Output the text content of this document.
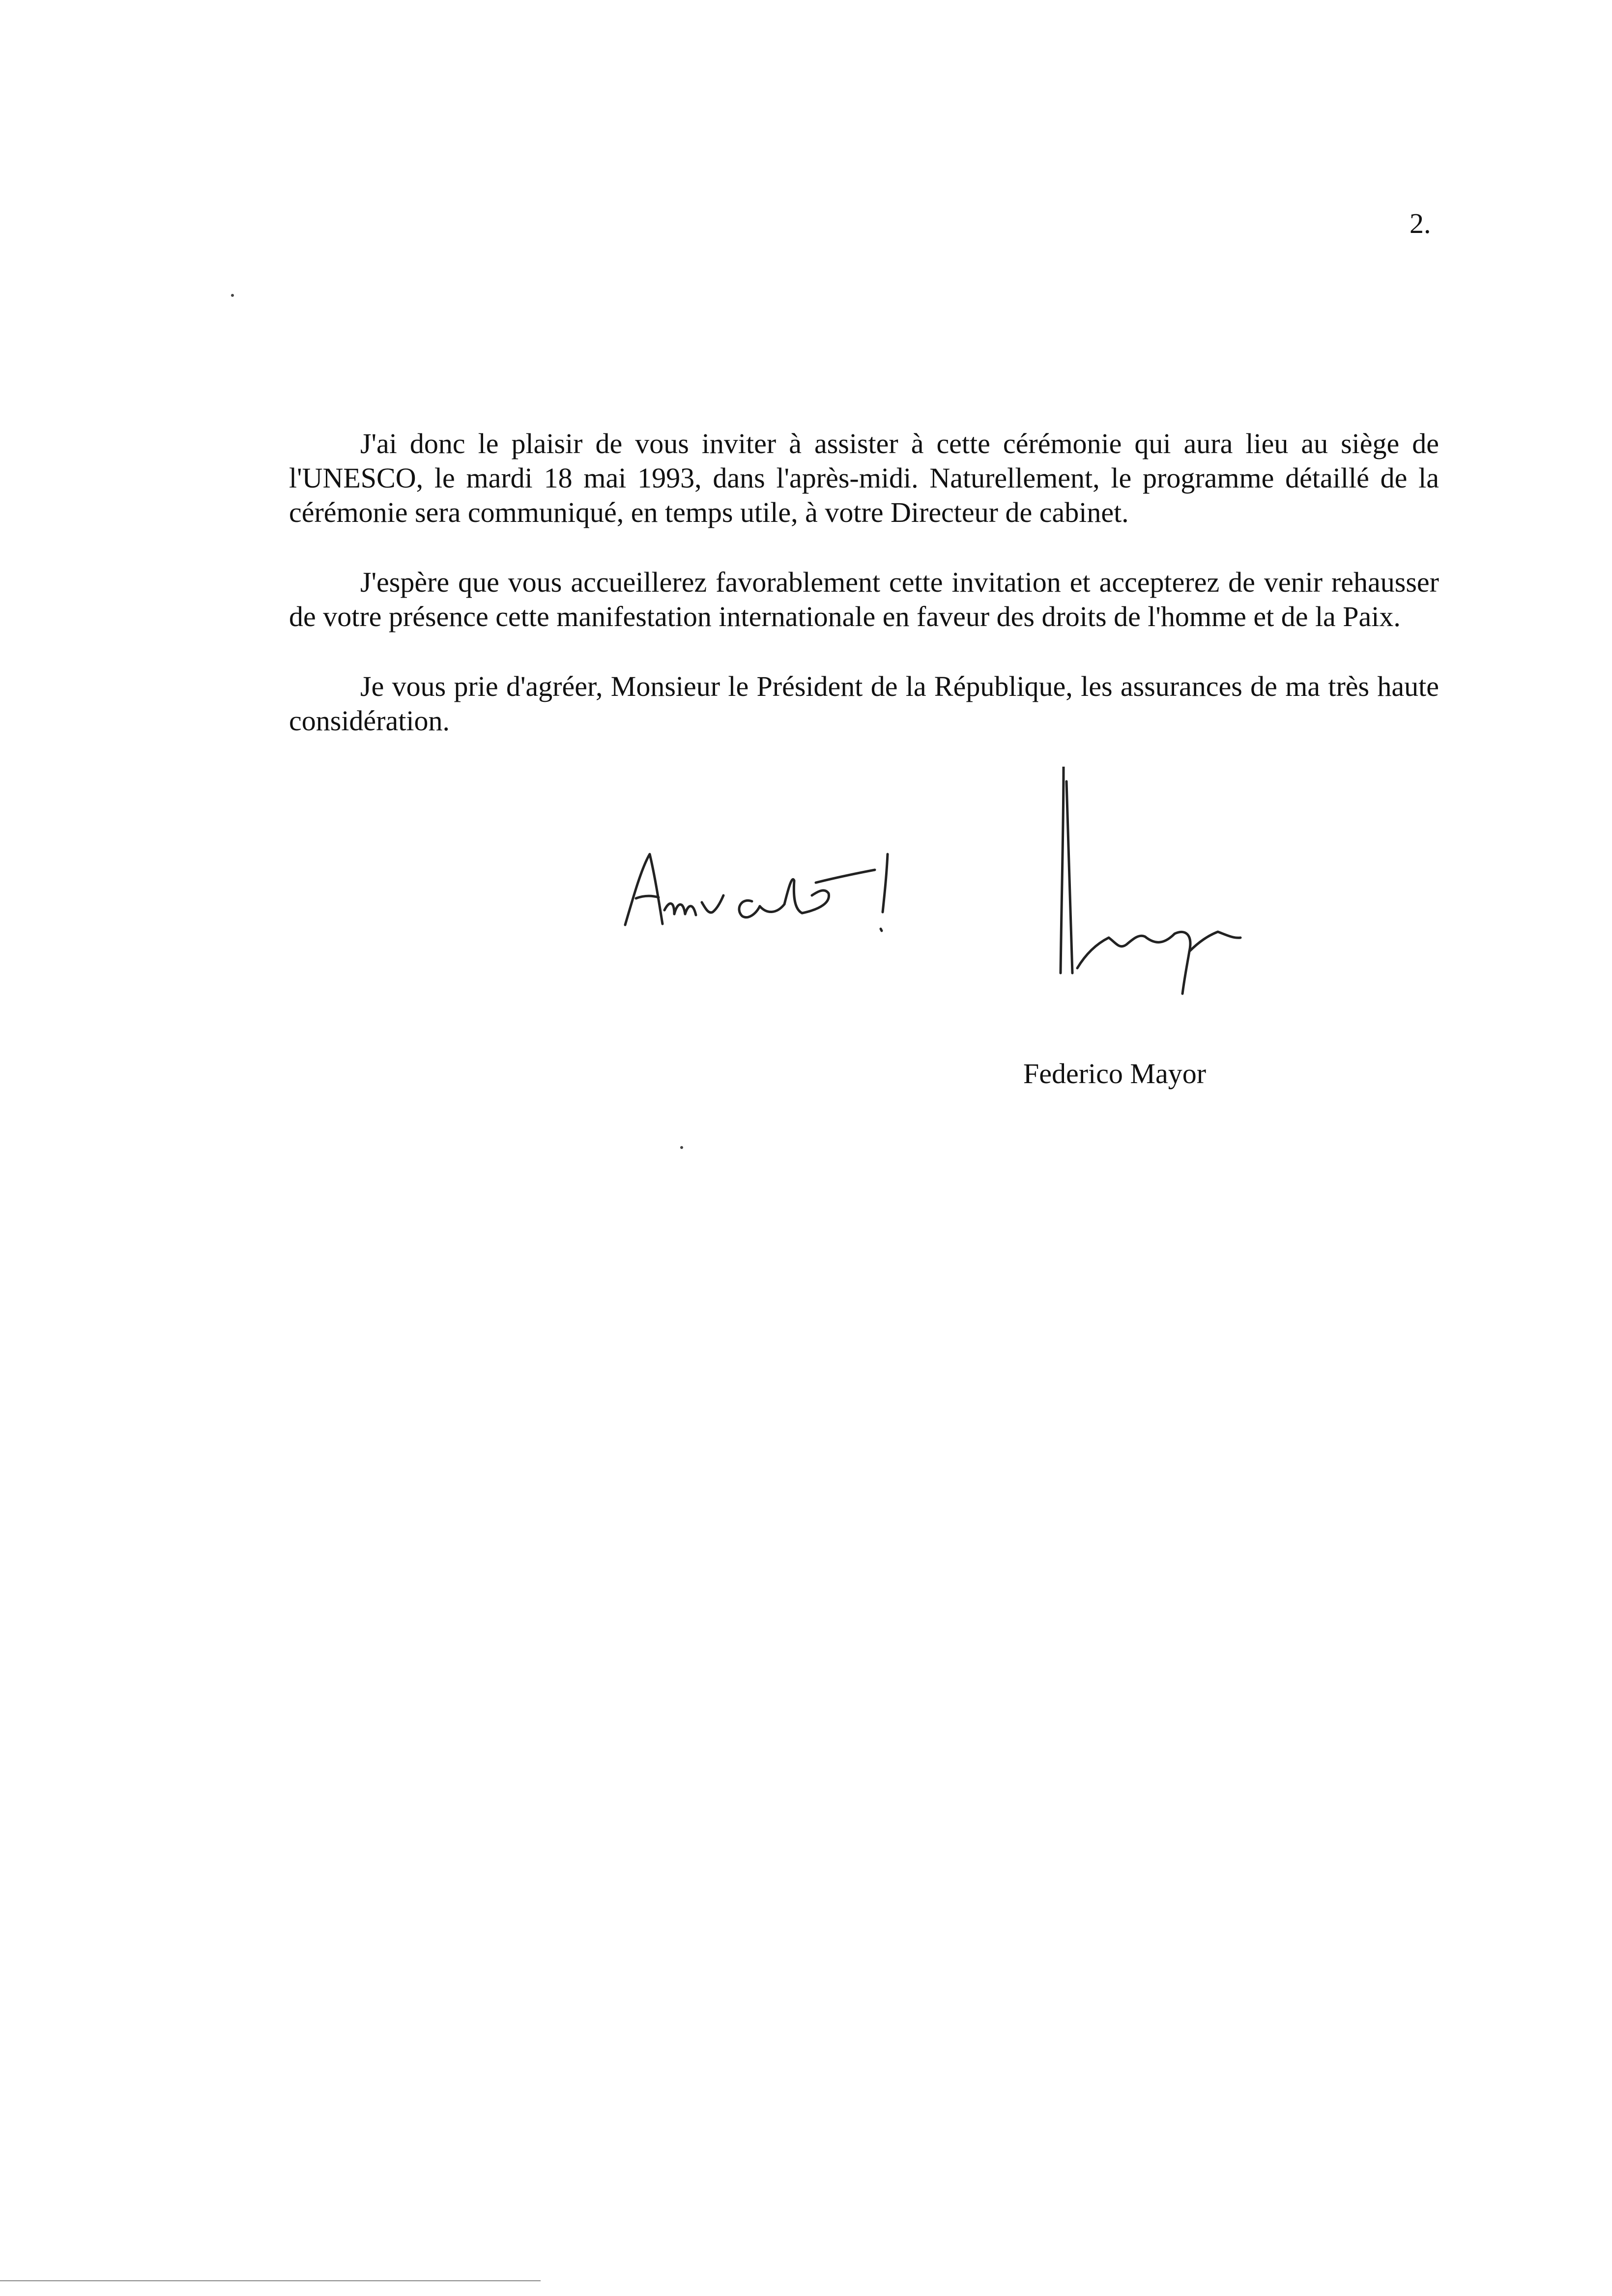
2.

J'ai donc le plaisir de vous inviter à assister à cette cérémonie qui aura lieu au siège de l'UNESCO, le mardi 18 mai 1993, dans l'après-midi. Naturellement, le programme détaillé de la cérémonie sera communiqué, en temps utile, à votre Directeur de cabinet.

J'espère que vous accueillerez favorablement cette invitation et accepterez de venir rehausser de votre présence cette manifestation internationale en faveur des droits de l'homme et de la Paix.

Je vous prie d'agréer, Monsieur le Président de la République, les assurances de ma très haute considération.

Federico Mayor
